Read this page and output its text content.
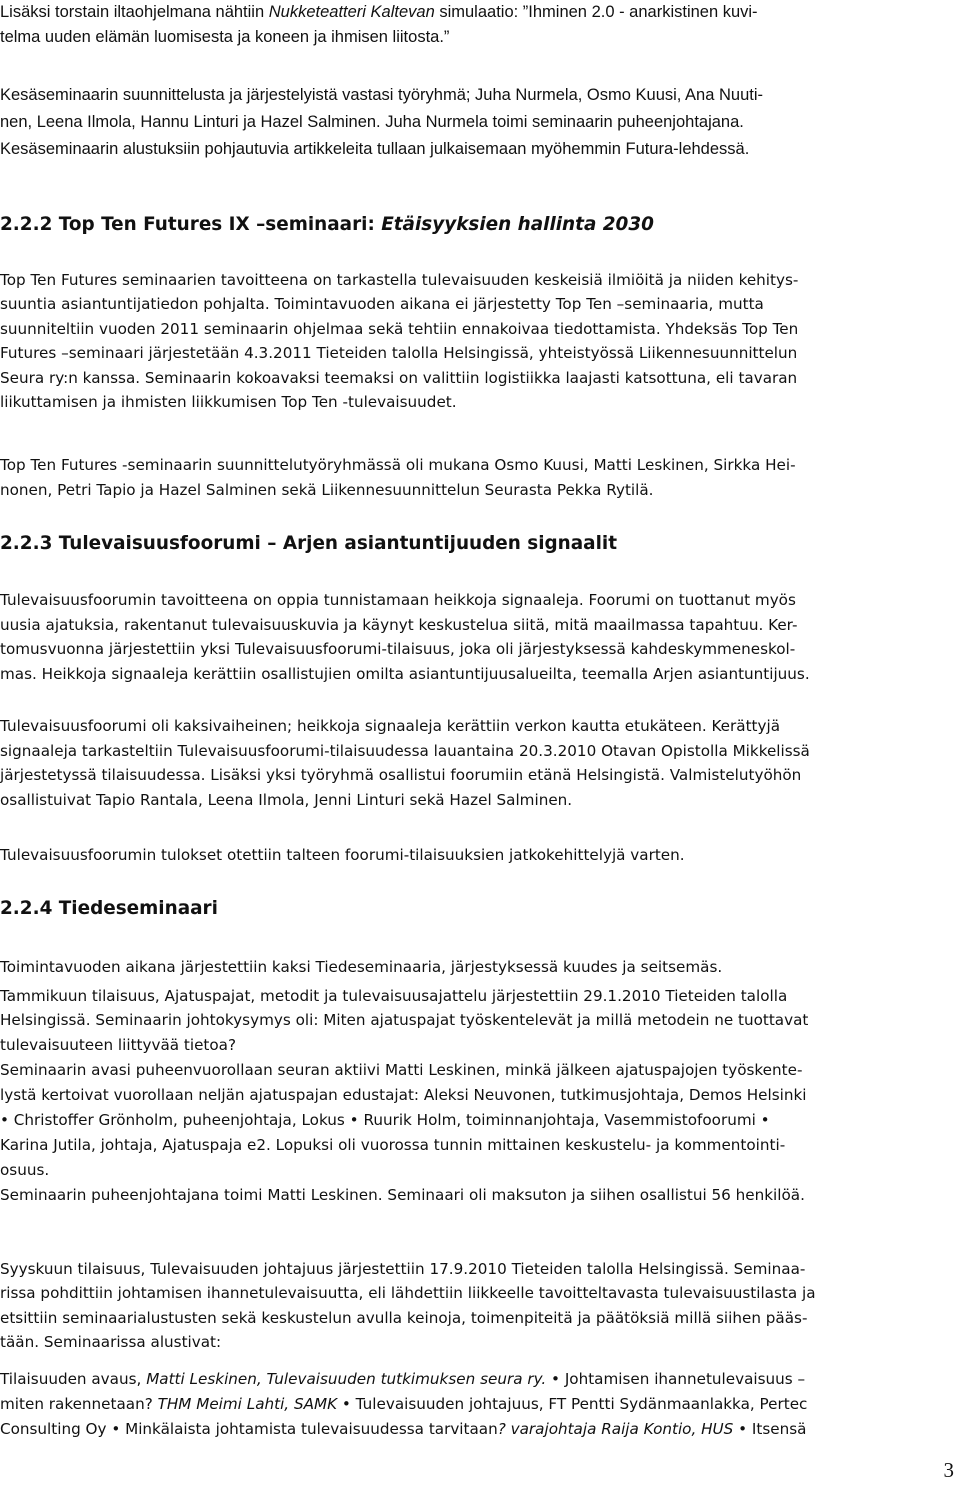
Lisäksi torstain iltaohjelmana nähtiin Nukketeatteri Kaltevan simulaatio: ”Ihminen 2.0 - anarkistinen kuvi-
telma uuden elämän luomisesta ja koneen ja ihmisen liitosta.”
Kesäseminaarin suunnittelusta ja järjestelyistä vastasi työryhmä; Juha Nurmela, Osmo Kuusi, Ana Nuuti-
nen, Leena Ilmola, Hannu Linturi ja Hazel Salminen. Juha Nurmela toimi seminaarin puheenjohtajana.
Kesäseminaarin alustuksiin pohjautuvia artikkeleita tullaan julkaisemaan myöhemmin Futura-lehdessä.
2.2.2 Top Ten Futures IX –seminaari: Etäisyyksien hallinta 2030
Top Ten Futures seminaarien tavoitteena on tarkastella tulevaisuuden keskeisiä ilmiöitä ja niiden kehitys-
suuntia asiantuntijatiedon pohjalta. Toimintavuoden aikana ei järjestetty Top Ten –seminaaria, mutta
suunniteltiin vuoden 2011 seminaarin ohjelmaa sekä tehtiin ennakoivaa tiedottamista. Yhdeksäs Top Ten
Futures –seminaari järjestetään 4.3.2011 Tieteiden talolla Helsingissä, yhteistyössä Liikennesuunnittelun
Seura ry:n kanssa. Seminaarin kokoavaksi teemaksi on valittiin logistiikka laajasti katsottuna, eli tavaran
liikuttamisen ja ihmisten liikkumisen Top Ten -tulevaisuudet.
Top Ten Futures -seminaarin suunnittelutyöryhmässä oli mukana Osmo Kuusi, Matti Leskinen, Sirkka Hei-
nonen, Petri Tapio ja Hazel Salminen sekä Liikennesuunnittelun Seurasta Pekka Rytilä.
2.2.3 Tulevaisuusfoorumi – Arjen asiantuntijuuden signaalit
Tulevaisuusfoorumin tavoitteena on oppia tunnistamaan heikkoja signaaleja. Foorumi on tuottanut myös
uusia ajatuksia, rakentanut tulevaisuuskuvia ja käynyt keskustelua siitä, mitä maailmassa tapahtuu. Ker-
tomusvuonna järjestettiin yksi Tulevaisuusfoorumi-tilaisuus, joka oli järjestyksessä kahdeskymmeneskol-
mas. Heikkoja signaaleja kerättiin osallistujien omilta asiantuntijuusalueilta, teemalla Arjen asiantuntijuus.
Tulevaisuusfoorumi oli kaksivaiheinen; heikkoja signaaleja kerättiin verkon kautta etukäteen. Kerättyjä
signaaleja tarkasteltiin Tulevaisuusfoorumi-tilaisuudessa lauantaina 20.3.2010 Otavan Opistolla Mikkelissä
järjestetyssä tilaisuudessa. Lisäksi yksi työryhmä osallistui foorumiin etänä Helsingistä. Valmistelutyöhön
osallistuivat Tapio Rantala, Leena Ilmola, Jenni Linturi sekä Hazel Salminen.
Tulevaisuusfoorumin tulokset otettiin talteen foorumi-tilaisuuksien jatkokehittelyjä varten.
2.2.4 Tiedeseminaari
Toimintavuoden aikana järjestettiin kaksi Tiedeseminaaria, järjestyksessä kuudes ja seitsemäs.
Tammikuun tilaisuus, Ajatuspajat, metodit ja tulevaisuusajattelu järjestettiin 29.1.2010 Tieteiden talolla
Helsingissä. Seminaarin johtokysymys oli: Miten ajatuspajat työskentelevät ja millä metodein ne tuottavat
tulevaisuuteen liittyvää tietoa?
Seminaarin avasi puheenvuorollaan seuran aktiivi Matti Leskinen, minkä jälkeen ajatuspajojen työskente-
lystä kertoivat vuorollaan neljän ajatuspajan edustajat: Aleksi Neuvonen, tutkimusjohtaja, Demos Helsinki
• Christoffer Grönholm, puheenjohtaja, Lokus • Ruurik Holm, toiminnanjohtaja, Vasemmistofoorumi •
Karina Jutila, johtaja, Ajatuspaja e2. Lopuksi oli vuorossa tunnin mittainen keskustelu- ja kommentointi-
osuus.
Seminaarin puheenjohtajana toimi Matti Leskinen. Seminaari oli maksuton ja siihen osallistui 56 henkilöä.
Syyskuun tilaisuus, Tulevaisuuden johtajuus järjestettiin 17.9.2010 Tieteiden talolla Helsingissä. Seminaa-
rissa pohdittiin johtamisen ihannetulevaisuutta, eli lähdettiin liikkeelle tavoitteltavasta tulevaisuustilasta ja
etsittiin seminaarialustusten sekä keskustelun avulla keinoja, toimenpiteitä ja päätöksiä millä siihen pääs-
tään. Seminaarissa alustivat:
Tilaisuuden avaus, Matti Leskinen, Tulevaisuuden tutkimuksen seura ry. • Johtamisen ihannetulevaisuus –
miten rakennetaan? THM Meimi Lahti, SAMK • Tulevaisuuden johtajuus, FT Pentti Sydänmaanlakka, Pertec
Consulting Oy • Minkälaista johtamista tulevaisuudessa tarvitaan? varajohtaja Raija Kontio, HUS • Itsensä
3
